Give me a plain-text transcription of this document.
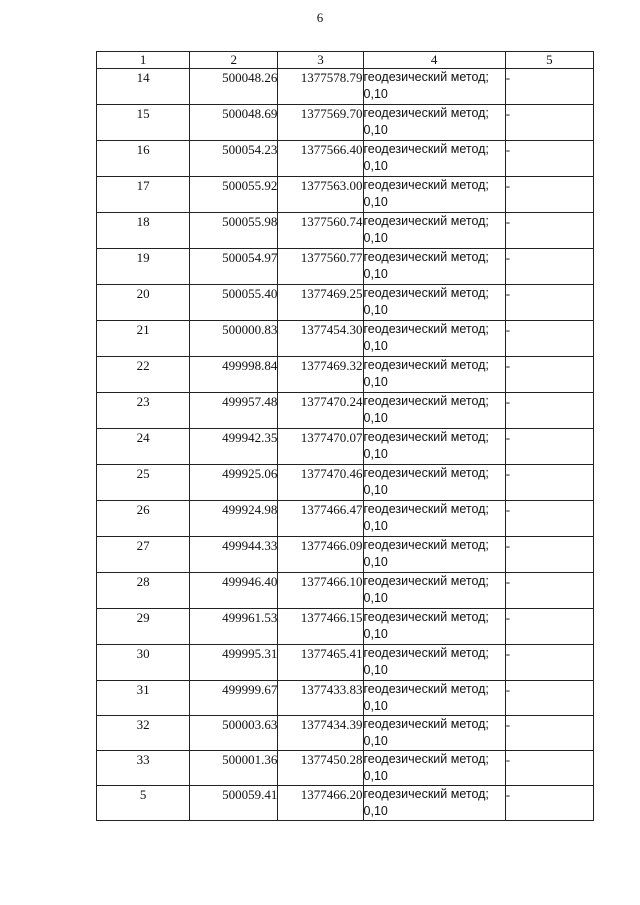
6
1	2	3	4	5
14	500048.26	1377578.79	геодезический метод; 0,10	-
15	500048.69	1377569.70	геодезический метод; 0,10	-
16	500054.23	1377566.40	геодезический метод; 0,10	-
17	500055.92	1377563.00	геодезический метод; 0,10	-
18	500055.98	1377560.74	геодезический метод; 0,10	-
19	500054.97	1377560.77	геодезический метод; 0,10	-
20	500055.40	1377469.25	геодезический метод; 0,10	-
21	500000.83	1377454.30	геодезический метод; 0,10	-
22	499998.84	1377469.32	геодезический метод; 0,10	-
23	499957.48	1377470.24	геодезический метод; 0,10	-
24	499942.35	1377470.07	геодезический метод; 0,10	-
25	499925.06	1377470.46	геодезический метод; 0,10	-
26	499924.98	1377466.47	геодезический метод; 0,10	-
27	499944.33	1377466.09	геодезический метод; 0,10	-
28	499946.40	1377466.10	геодезический метод; 0,10	-
29	499961.53	1377466.15	геодезический метод; 0,10	-
30	499995.31	1377465.41	геодезический метод; 0,10	-
31	499999.67	1377433.83	геодезический метод; 0,10	-
32	500003.63	1377434.39	геодезический метод; 0,10	-
33	500001.36	1377450.28	геодезический метод; 0,10	-
5	500059.41	1377466.20	геодезический метод; 0,10	-
